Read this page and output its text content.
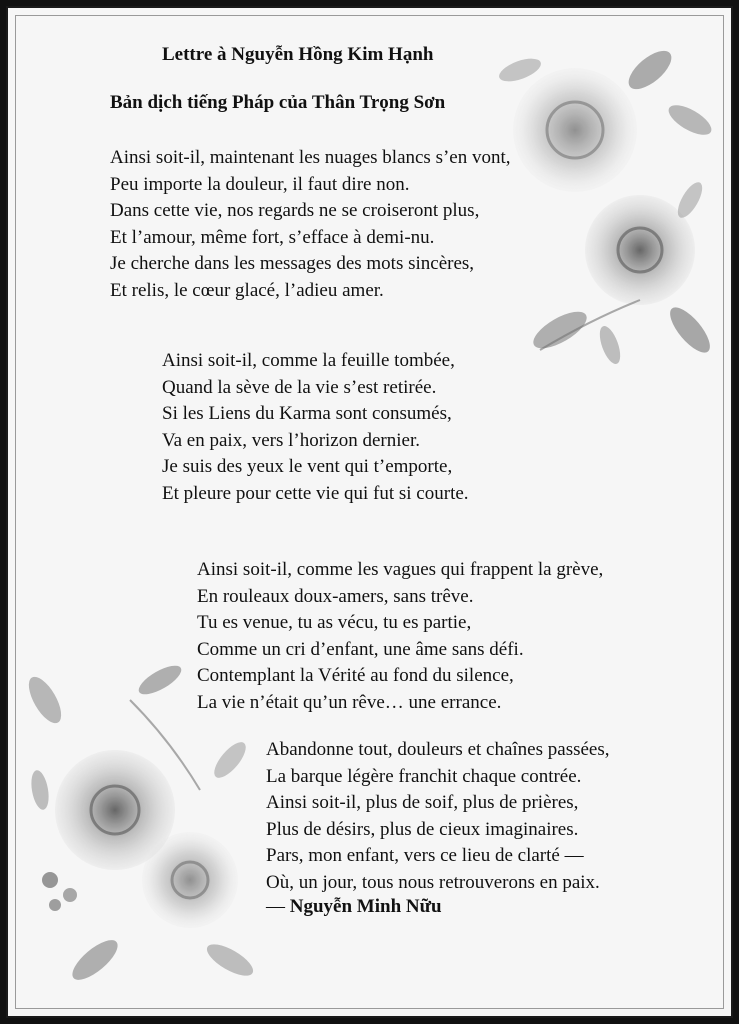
Lettre à Nguyễn Hồng Kim Hạnh
Bản dịch tiếng Pháp của Thân Trọng Sơn
Ainsi soit-il, maintenant les nuages blancs s’en vont,
Peu importe la douleur, il faut dire non.
Dans cette vie, nos regards ne se croiseront plus,
Et l’amour, même fort, s’efface à demi-nu.
Je cherche dans les messages des mots sincères,
Et relis, le cœur glacé, l’adieu amer.
Ainsi soit-il, comme la feuille tombée,
Quand la sève de la vie s’est retirée.
Si les Liens du Karma sont consumés,
Va en paix, vers l’horizon dernier.
Je suis des yeux le vent qui t’emporte,
Et pleure pour cette vie qui fut si courte.
Ainsi soit-il, comme les vagues qui frappent la grève,
En rouleaux doux-amers, sans trêve.
Tu es venue, tu as vécu, tu es partie,
Comme un cri d’enfant, une âme sans défi.
Contemplant la Vérité au fond du silence,
La vie n’était qu’un rêve… une errance.
Abandonne tout, douleurs et chaînes passées,
La barque légère franchit chaque contrée.
Ainsi soit-il, plus de soif, plus de prières,
Plus de désirs, plus de cieux imaginaires.
Pars, mon enfant, vers ce lieu de clarté —
Où, un jour, tous nous retrouverons en paix.
— Nguyễn Minh Nữu
